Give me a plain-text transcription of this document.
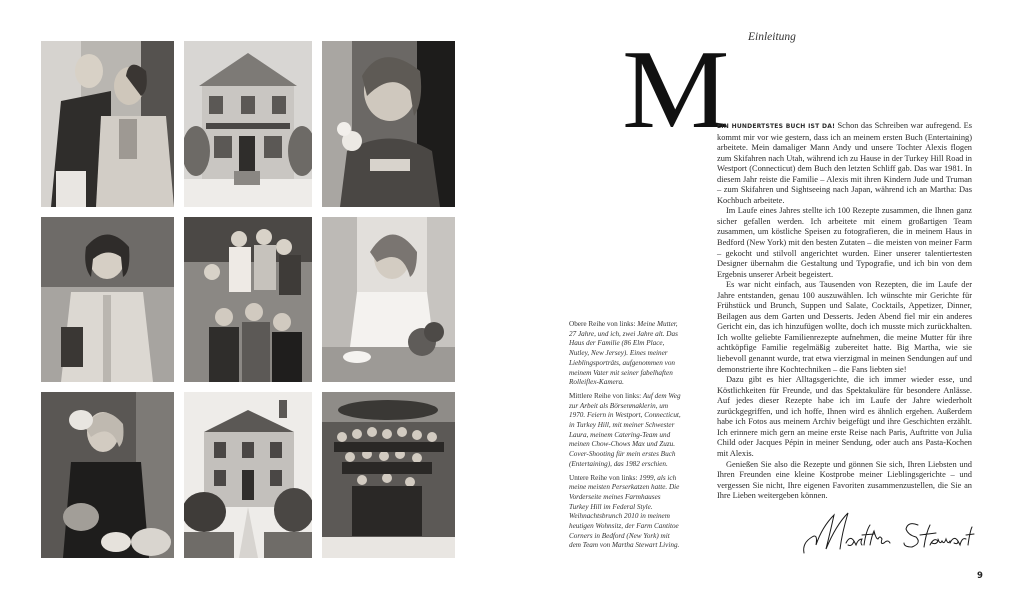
Obere Reihe von links: Meine Mutter, 27 Jahre, und ich, zwei Jahre alt. Das Haus der Familie (86 Elm Place, Nutley, New Jersey). Eines meiner Lieblingsporträts, aufgenommen von meinem Vater mit seiner fabelhaften Rolleiflex-Kamera.

Mittlere Reihe von links: Auf dem Weg zur Arbeit als Börsenmaklerin, um 1970. Feiern in Westport, Connecticut, in Turkey Hill, mit meiner Schwester Laura, meinem Catering-Team und meinen Chow-Chows Max und Zuzu. Cover-Shooting für mein erstes Buch (Entertaining), das 1982 erschien.

Untere Reihe von links: 1999, als ich meine meisten Perserkatzen hatte. Die Vorderseite meines Farmhauses Turkey Hill im Federal Style. Weihnachtsbrunch 2010 in meinem heutigen Wohnsitz, der Farm Cantitoe Corners in Bedford (New York) mit dem Team von Martha Stewart Living.

Einleitung
M

EIN HUNDERTSTES BUCH IST DA! Schon das Schreiben war aufregend. Es kommt mir vor wie gestern, dass ich an meinem ersten Buch (Entertaining) arbeitete. Mein damaliger Mann Andy und unsere Tochter Alexis flogen zum Skifahren nach Utah, während ich zu Hause in der Turkey Hill Road in Westport (Connecticut) dem Buch den letzten Schliff gab. Das war 1981. In diesem Jahr reiste die Familie – Alexis mit ihren Kindern Jude und Truman – zum Skifahren und Sightseeing nach Japan, während ich an Martha: Das Kochbuch arbeitete.

Im Laufe eines Jahres stellte ich 100 Rezepte zusammen, die Ihnen ganz sicher gefallen werden. Ich arbeitete mit einem großartigen Team zusammen, um köstliche Speisen zu fotografieren, die in meinem Haus in Bedford (New York) mit den besten Zutaten – die meisten von meiner Farm – gekocht und stilvoll angerichtet wurden. Einer unserer talentiertesten Designer übernahm die Gestaltung und Typografie, und ich bin von dem Ergebnis unserer Arbeit begeistert.

Es war nicht einfach, aus Tausenden von Rezepten, die im Laufe der Jahre entstanden, genau 100 auszuwählen. Ich wünschte mir Gerichte für Frühstück und Brunch, Suppen und Salate, Cocktails, Appetizer, Dinner, Beilagen aus dem Garten und Desserts. Jeden Abend fiel mir ein anderes Gericht ein, das ich hinzufügen wollte, doch ich musste mich zurückhalten. Ich wollte geliebte Familienrezepte aufnehmen, die meine Mutter für ihre achtköpfige Familie regelmäßig zubereitet hatte. Big Martha, wie sie liebevoll genannt wurde, trat etwa vierzigmal in meinen Sendungen auf und demonstrierte ihre Kochtechniken – die Fans liebten sie!

Dazu gibt es hier Alltagsgerichte, die ich immer wieder esse, und Köstlichkeiten für Freunde, und das Spektakuläre für besondere Anlässe. Auf jedes dieser Rezepte habe ich im Laufe der Jahre wiederholt zurückgegriffen, und ich hoffe, Ihnen wird es ähnlich ergehen. Außerdem habe ich Fotos aus meinem Archiv beigefügt und ihre Geschichten erzählt. Ich erinnere mich gern an meine erste Reise nach Paris, Auftritte von Julia Child oder Jacques Pépin in meiner Sendung, oder auch ans Pasta-Kochen mit Alexis.

Genießen Sie also die Rezepte und gönnen Sie sich, Ihren Liebsten und Ihren Freunden eine kleine Kostprobe meiner Lieblingsgerichte – und vergessen Sie nicht, Ihre eigenen Favoriten zusammenzustellen, die Sie an Ihre Lieben weitergeben können.

9
